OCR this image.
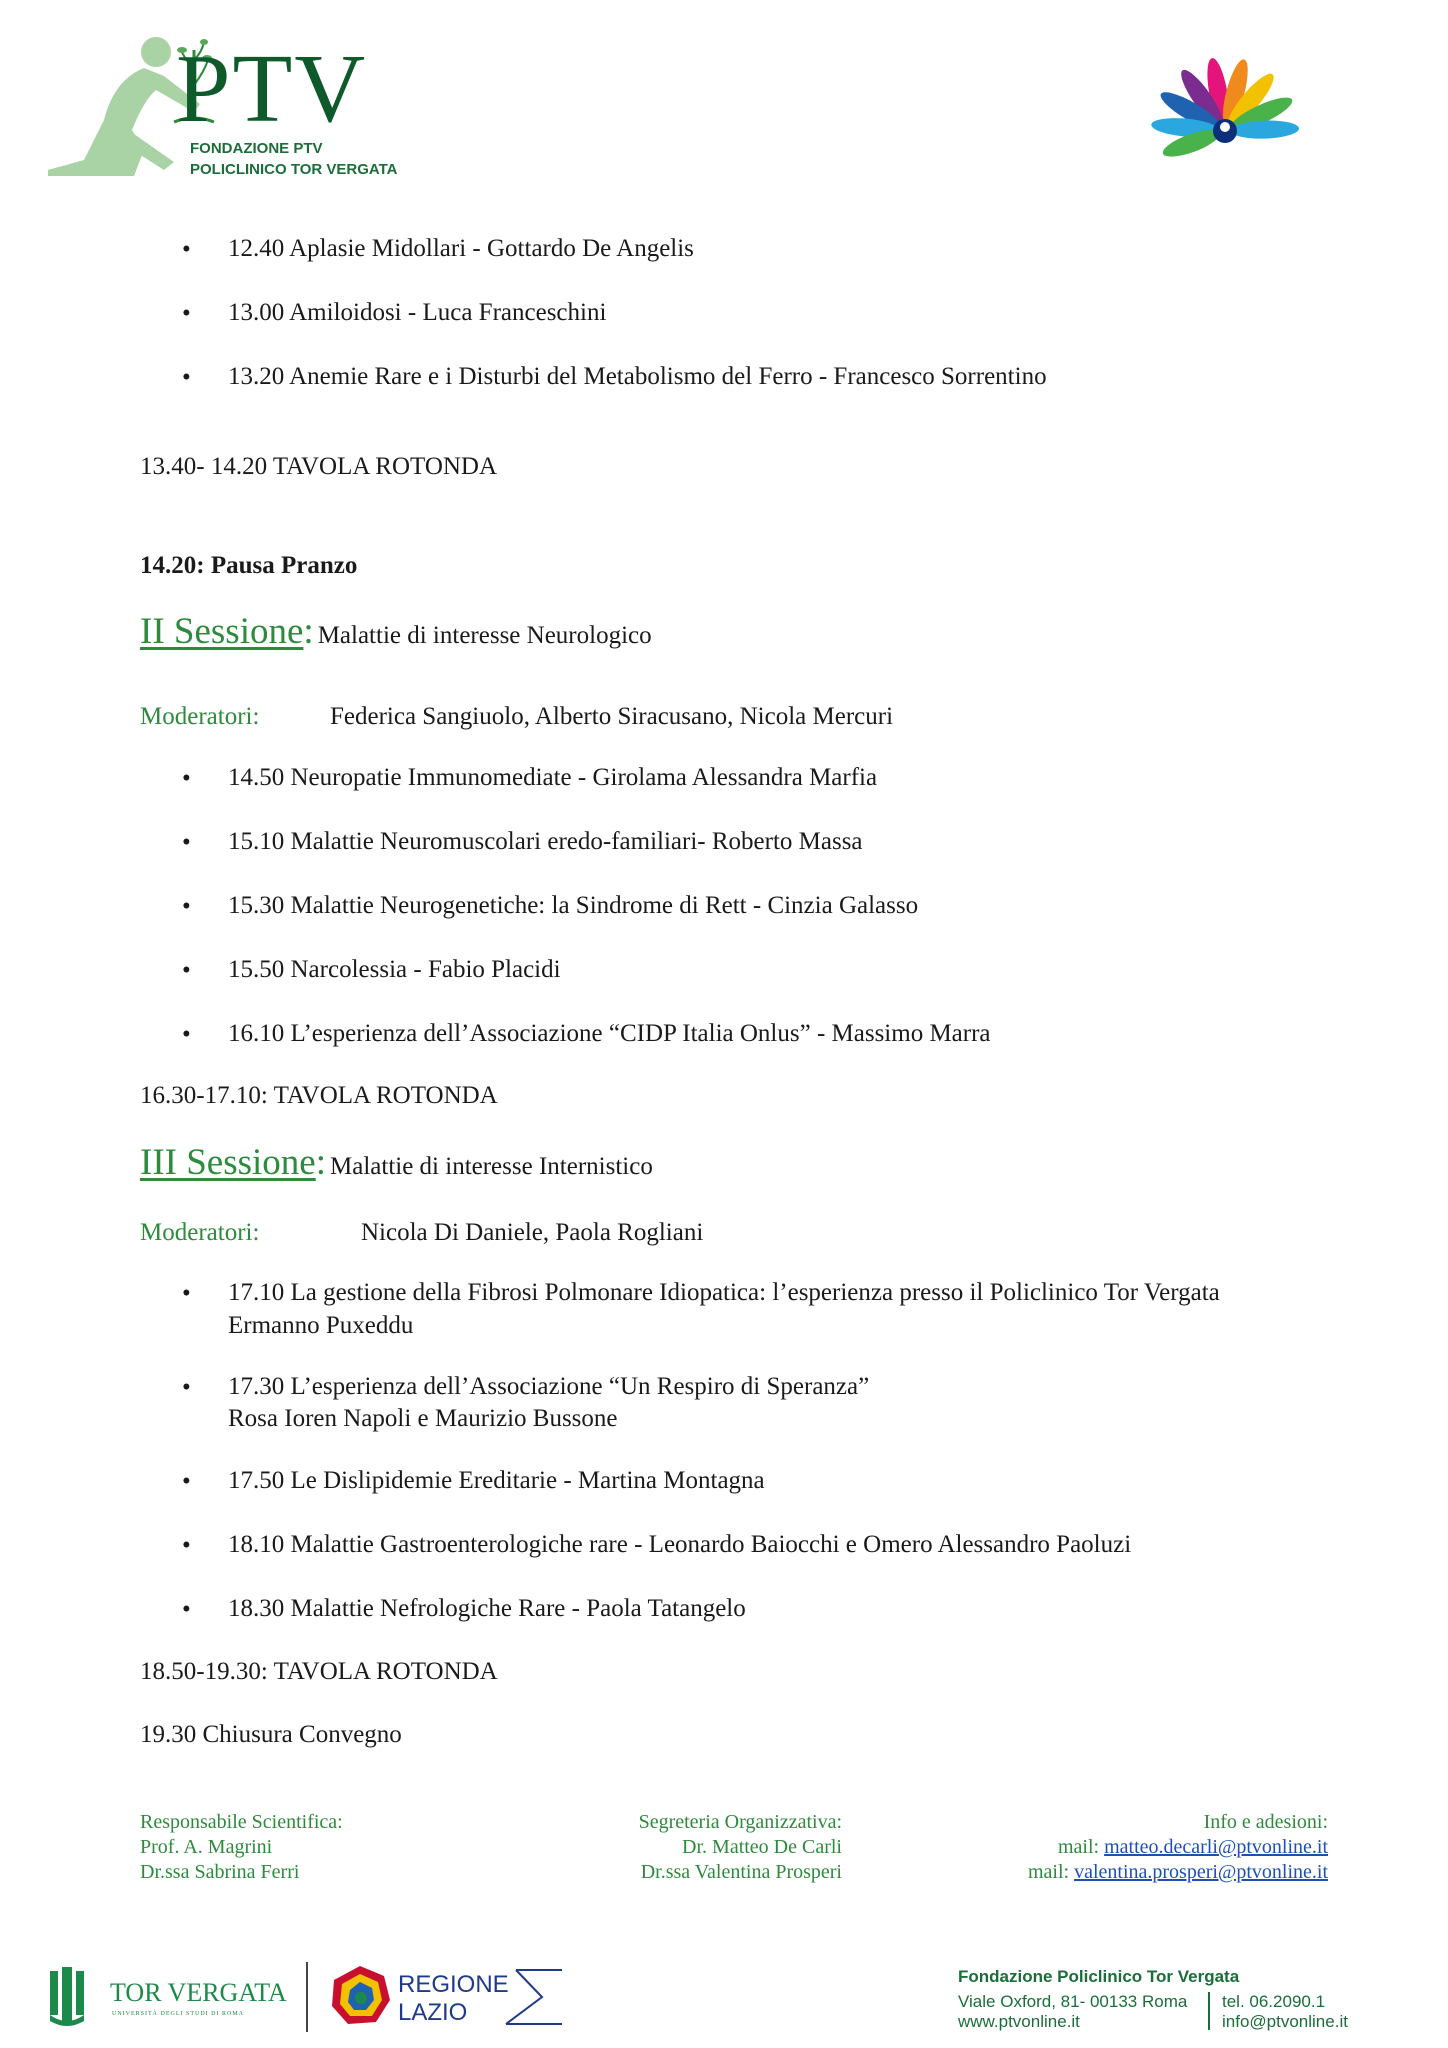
PTV
FONDAZIONE PTV
POLICLINICO TOR VERGATA
• 12.40 Aplasie Midollari - Gottardo De Angelis
• 13.00 Amiloidosi - Luca Franceschini
• 13.20 Anemie Rare e i Disturbi del Metabolismo del Ferro - Francesco Sorrentino
13.40- 14.20 TAVOLA ROTONDA
14.20: Pausa Pranzo
II Sessione: Malattie di interesse Neurologico
Moderatori:	Federica Sangiuolo, Alberto Siracusano, Nicola Mercuri
• 14.50 Neuropatie Immunomediate - Girolama Alessandra Marfia
• 15.10 Malattie Neuromuscolari eredo-familiari- Roberto Massa
• 15.30 Malattie Neurogenetiche: la Sindrome di Rett - Cinzia Galasso
• 15.50 Narcolessia - Fabio Placidi
• 16.10 L’esperienza dell’Associazione “CIDP Italia Onlus” - Massimo Marra
16.30-17.10: TAVOLA ROTONDA
III Sessione: Malattie di interesse Internistico
Moderatori:	Nicola Di Daniele, Paola Rogliani
• 17.10 La gestione della Fibrosi Polmonare Idiopatica: l’esperienza presso il Policlinico Tor Vergata
Ermanno Puxeddu
• 17.30 L’esperienza dell’Associazione “Un Respiro di Speranza”
Rosa Ioren Napoli e Maurizio Bussone
• 17.50 Le Dislipidemie Ereditarie - Martina Montagna
• 18.10 Malattie Gastroenterologiche rare - Leonardo Baiocchi e Omero Alessandro Paoluzi
• 18.30 Malattie Nefrologiche Rare - Paola Tatangelo
18.50-19.30: TAVOLA ROTONDA
19.30 Chiusura Convegno
Responsabile Scientifica:
Prof. A. Magrini
Dr.ssa Sabrina Ferri
Segreteria Organizzativa:
Dr. Matteo De Carli
Dr.ssa Valentina Prosperi
Info e adesioni:
mail: matteo.decarli@ptvonline.it
mail: valentina.prosperi@ptvonline.it
TOR VERGATA
UNIVERSITÀ DEGLI STUDI DI ROMA
REGIONE
LAZIO
Fondazione Policlinico Tor Vergata
Viale Oxford, 81- 00133 Roma
www.ptvonline.it
tel. 06.2090.1
info@ptvonline.it
